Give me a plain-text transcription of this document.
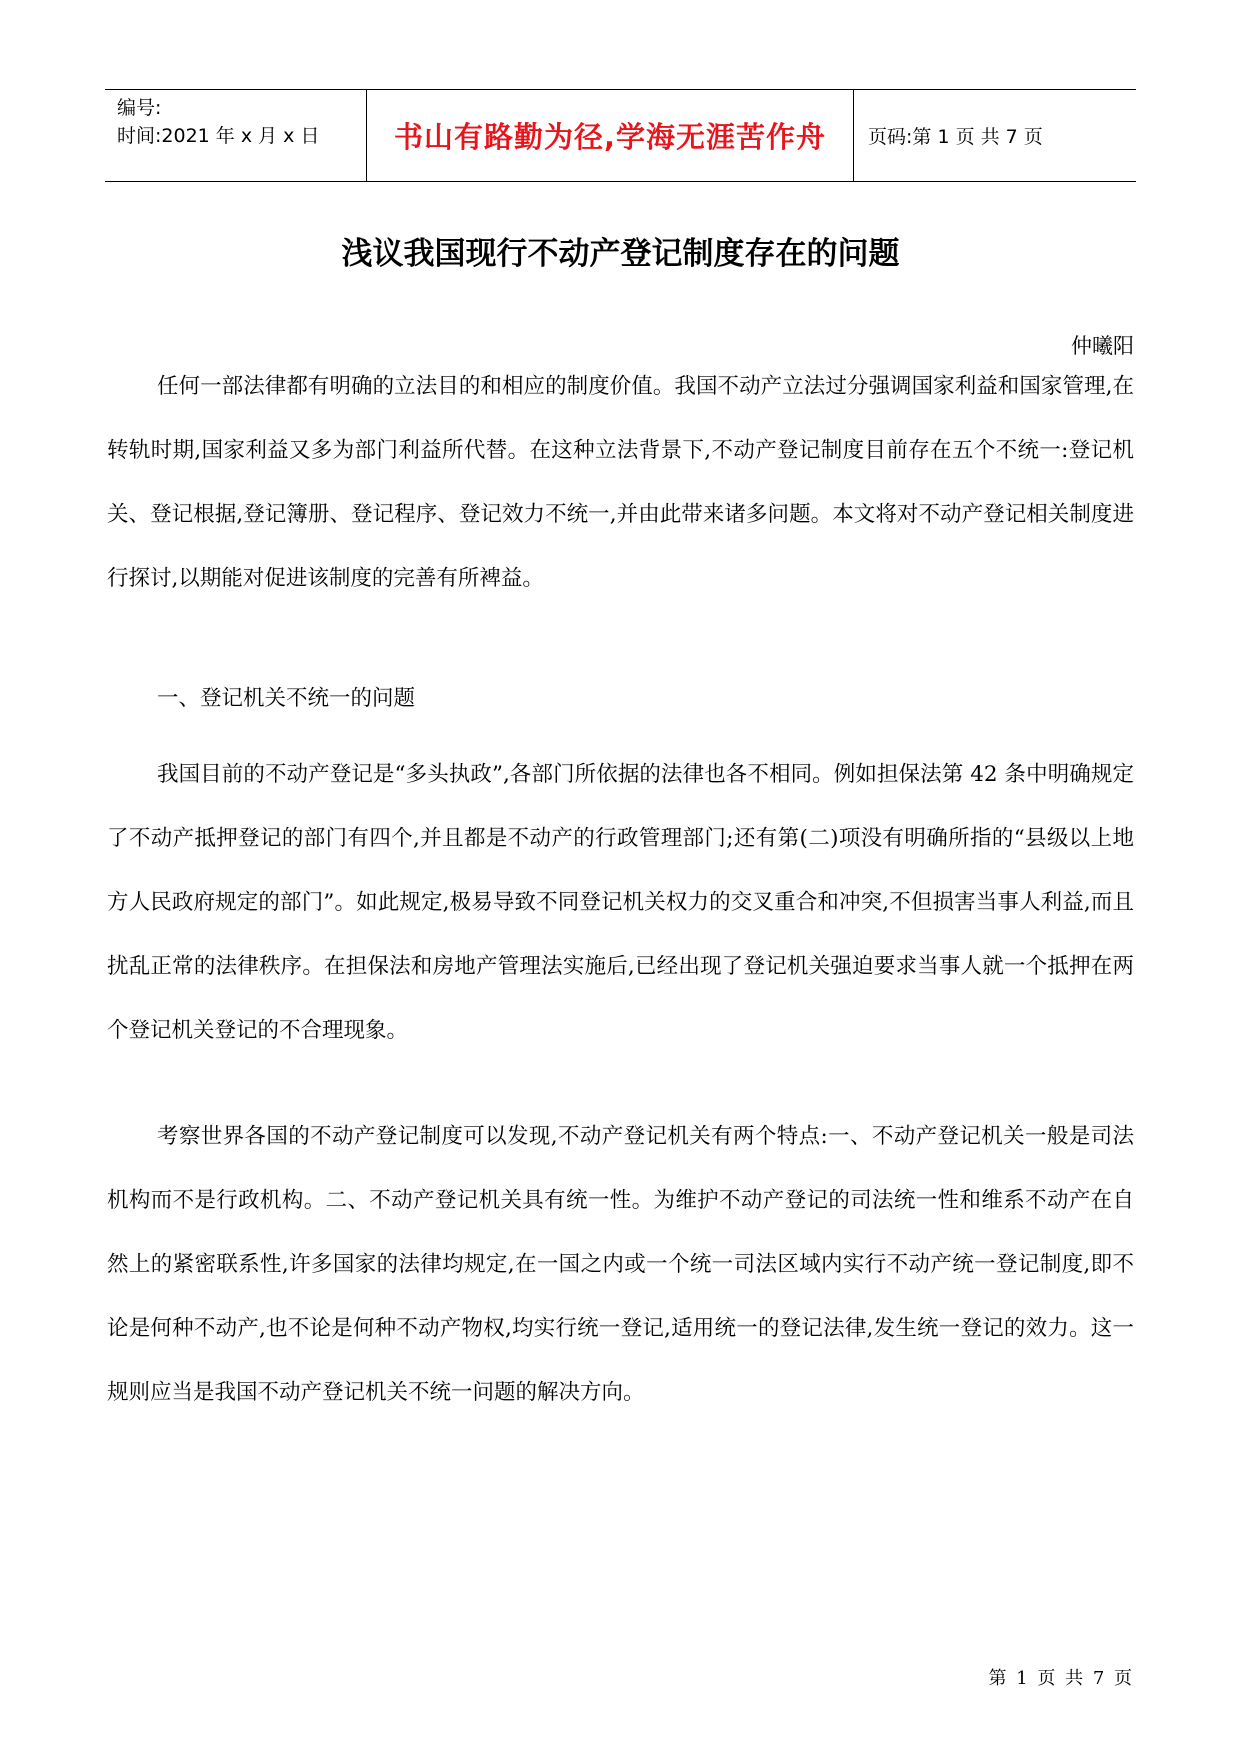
编号:
时间:2021 年 x 月 x 日	书山有路勤为径,学海无涯苦作舟	页码:第 1 页 共 7 页
浅议我国现行不动产登记制度存在的问题
仲曦阳
任何一部法律都有明确的立法目的和相应的制度价值。我国不动产立法过分强调国家利益和国家管理,在转轨时期,国家利益又多为部门利益所代替。在这种立法背景下,不动产登记制度目前存在五个不统一:登记机关、登记根据,登记簿册、登记程序、登记效力不统一,并由此带来诸多问题。本文将对不动产登记相关制度进行探讨,以期能对促进该制度的完善有所裨益。
一、登记机关不统一的问题
我国目前的不动产登记是“多头执政”,各部门所依据的法律也各不相同。例如担保法第 42 条中明确规定了不动产抵押登记的部门有四个,并且都是不动产的行政管理部门;还有第(二)项没有明确所指的“县级以上地方人民政府规定的部门”。如此规定,极易导致不同登记机关权力的交叉重合和冲突,不但损害当事人利益,而且扰乱正常的法律秩序。在担保法和房地产管理法实施后,已经出现了登记机关强迫要求当事人就一个抵押在两个登记机关登记的不合理现象。
考察世界各国的不动产登记制度可以发现,不动产登记机关有两个特点:一、不动产登记机关一般是司法机构而不是行政机构。二、不动产登记机关具有统一性。为维护不动产登记的司法统一性和维系不动产在自然上的紧密联系性,许多国家的法律均规定,在一国之内或一个统一司法区域内实行不动产统一登记制度,即不论是何种不动产,也不论是何种不动产物权,均实行统一登记,适用统一的登记法律,发生统一登记的效力。这一规则应当是我国不动产登记机关不统一问题的解决方向。
第 1 页 共 7 页
